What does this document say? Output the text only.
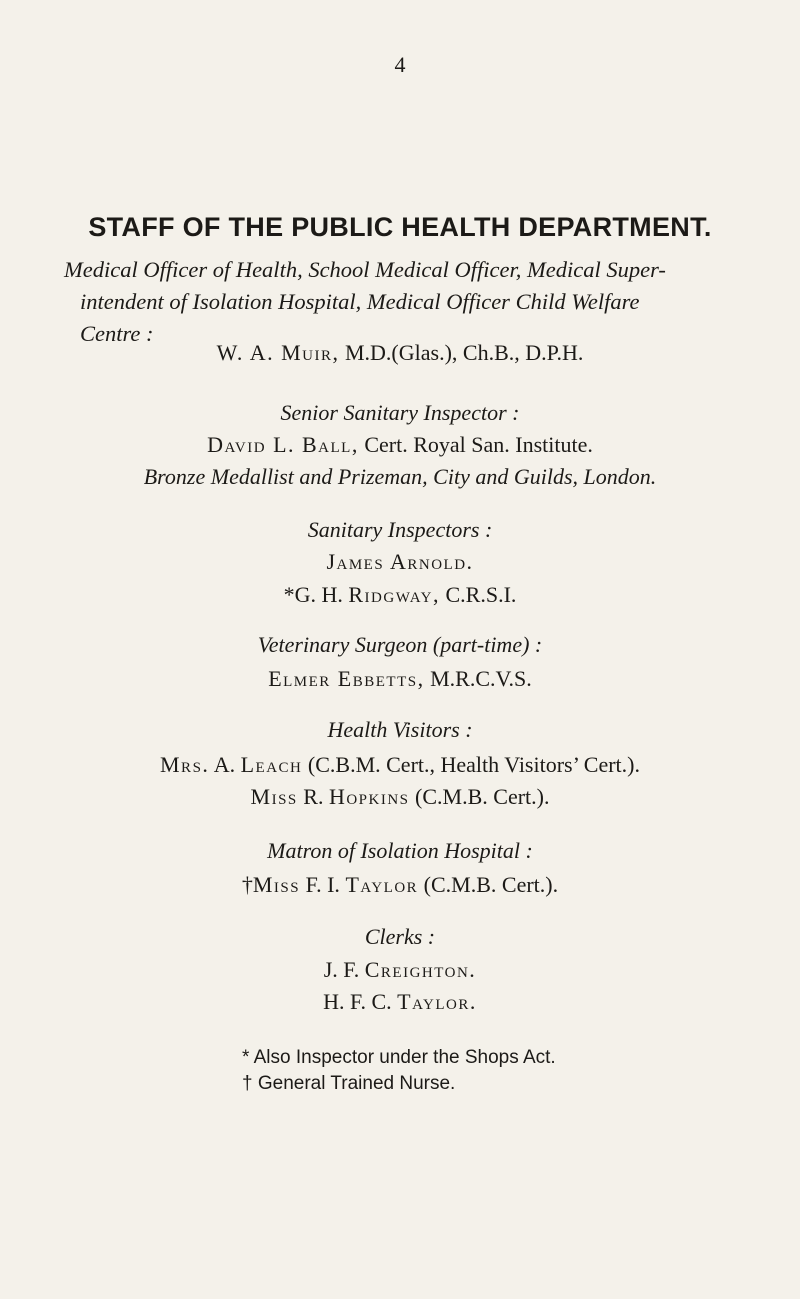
4
STAFF OF THE PUBLIC HEALTH DEPARTMENT.
Medical Officer of Health, School Medical Officer, Medical Super-
intendent of Isolation Hospital, Medical Officer Child Welfare
Centre :
W. A. Muir, M.D.(Glas.), Ch.B., D.P.H.
Senior Sanitary Inspector :
David L. Ball, Cert. Royal San. Institute.
Bronze Medallist and Prizeman, City and Guilds, London.
Sanitary Inspectors :
James Arnold.
*G. H. Ridgway, C.R.S.I.
Veterinary Surgeon (part-time) :
Elmer Ebbetts, M.R.C.V.S.
Health Visitors :
Mrs. A. Leach (C.B.M. Cert., Health Visitors’ Cert.).
Miss R. Hopkins (C.M.B. Cert.).
Matron of Isolation Hospital :
†Miss F. I. Taylor (C.M.B. Cert.).
Clerks :
J. F. Creighton.
H. F. C. Taylor.
* Also Inspector under the Shops Act.
† General Trained Nurse.
